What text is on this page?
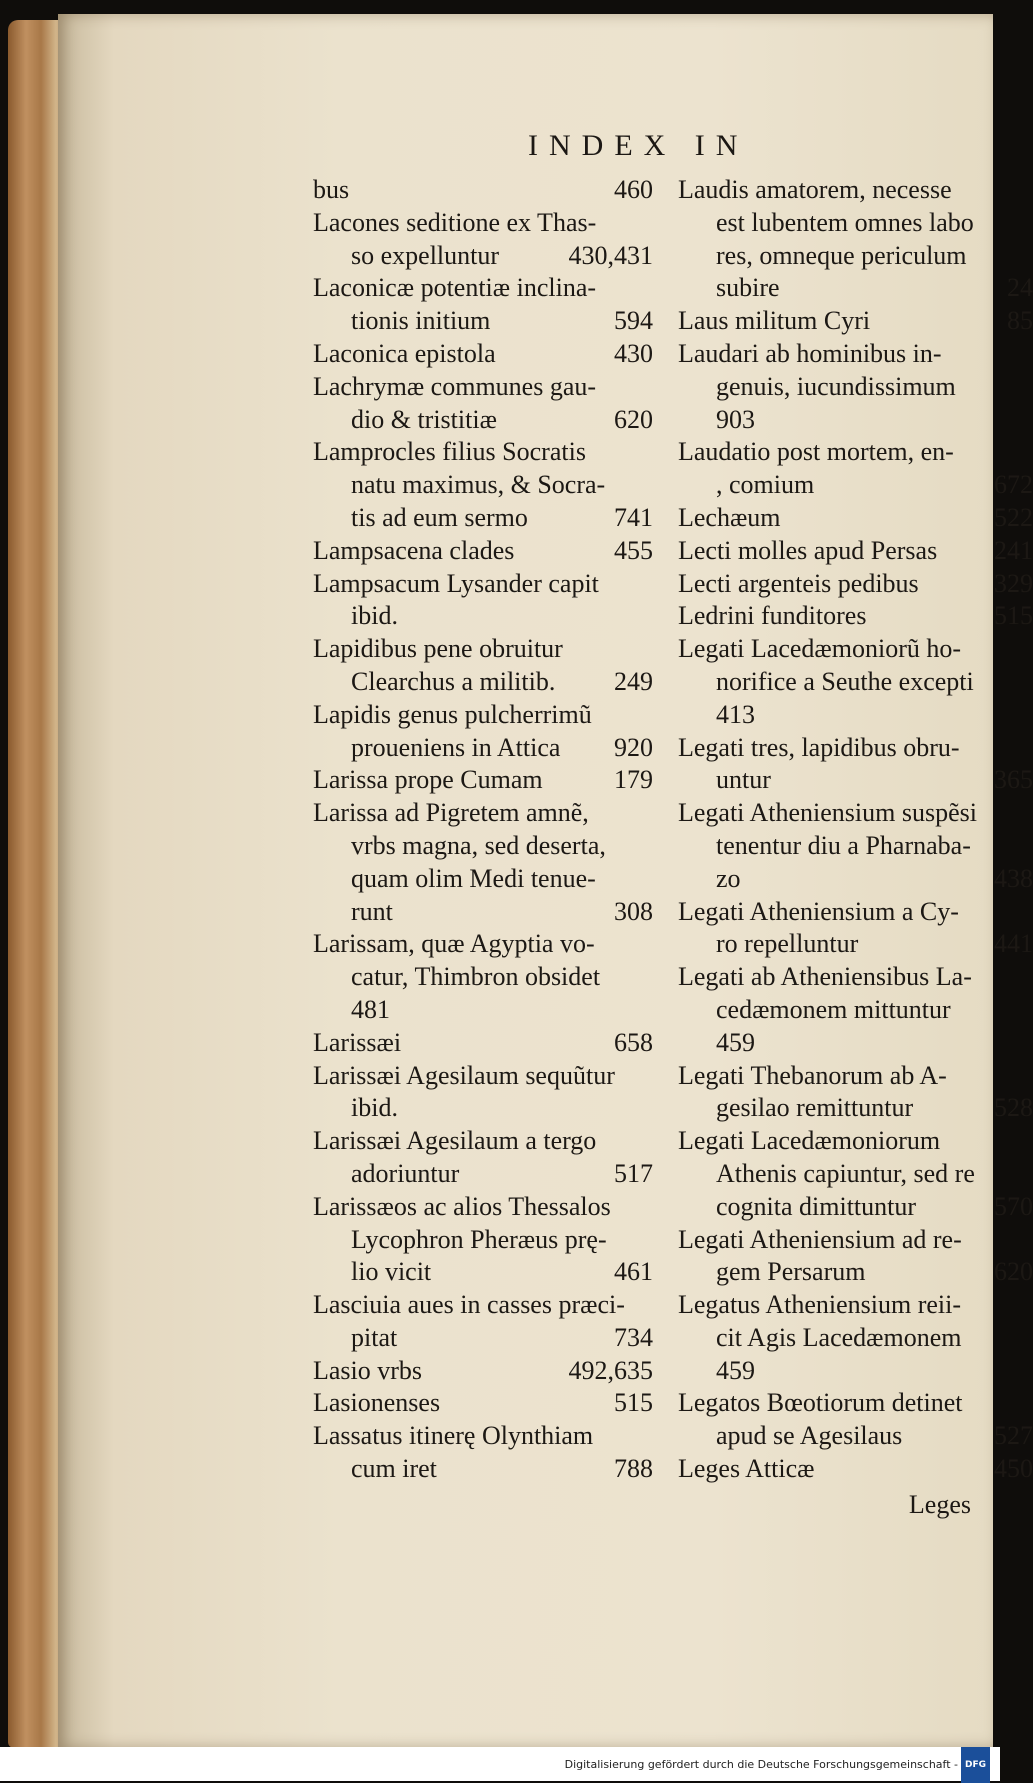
INDEX IN
bus	460
Lacones seditione ex Thas-
so expelluntur	430,431
Laconicæ potentiæ inclina-
tionis initium	594
Laconica epistola	430
Lachrymæ communes gau-
dio & tristitiæ	620
Lamprocles filius Socratis
natu maximus, & Socra-
tis ad eum sermo	741
Lampsacena clades	455
Lampsacum Lysander capit
ibid.
Lapidibus pene obruitur
Clearchus a militib. 249
Lapidis genus pulcherrimũ
proueniens in Attica 920
Larissa prope Cumam	179
Larissa ad Pigretem amnẽ,
vrbs magna, sed deserta,
quam olim Medi tenue-
runt	308
Larissam, quæ Agyptia vo-
catur, Thimbron obsidet
481
Larissæi	658
Larissæi Agesilaum sequũtur
ibid.
Larissæi Agesilaum a tergo
adoriuntur	517
Larissæos ac alios Thessalos
Lycophron Pheræus prę-
lio vicit	461
Lasciuia aues in casses præci-
pitat	734
Lasio vrbs	492,635
Lasionenses	515
Lassatus itinerę Olynthiam
cum iret	788
Laudis amatorem, necesse
est lubentem omnes labo
res, omneque periculum
subire	24
Laus militum Cyri	85
Laudari ab hominibus in-
genuis, iucundissimum
903
Laudatio post mortem, en-
, comium	672
Lechæum	522
Lecti molles apud Persas 241
Lecti argenteis pedibus	329
Ledrini funditores	515
Legati Lacedæmoniorũ ho-
norifice a Seuthe excepti
413
Legati tres, lapidibus obru-
untur	365
Legati Atheniensium suspẽsi
tenentur diu a Pharnaba-
zo	438
Legati Atheniensium a Cy-
ro repelluntur	441
Legati ab Atheniensibus La-
cedæmonem mittuntur
459
Legati Thebanorum ab A-
gesilao remittuntur	528
Legati Lacedæmoniorum
Athenis capiuntur, sed re
cognita dimittuntur	570
Legati Atheniensium ad re-
gem Persarum	620
Legatus Atheniensium reii-
cit Agis Lacedæmonem
459
Legatos Bœotiorum detinet
apud se Agesilaus	527
Leges Atticæ	450
Leges
Digitalisierung gefördert durch die Deutsche Forschungsgemeinschaft - DFG
